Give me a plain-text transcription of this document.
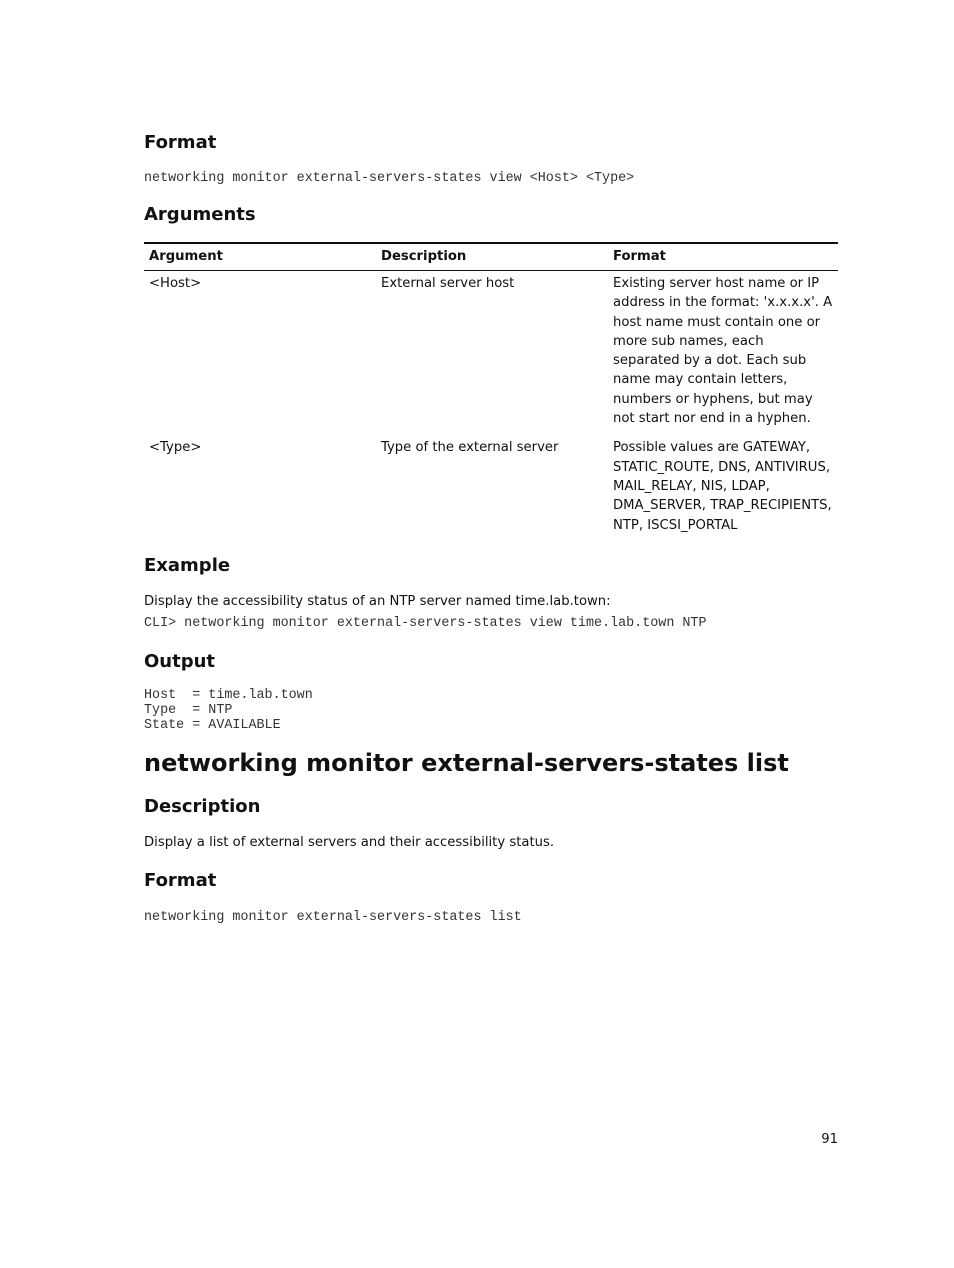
Format
networking monitor external-servers-states view <Host> <Type>
Arguments
Argument	Description	Format
<Host>	External server host	Existing server host name or IP address in the format: 'x.x.x.x'. A host name must contain one or more sub names, each separated by a dot. Each sub name may contain letters, numbers or hyphens, but may not start nor end in a hyphen.
<Type>	Type of the external server	Possible values are GATEWAY, STATIC_ROUTE, DNS, ANTIVIRUS, MAIL_RELAY, NIS, LDAP, DMA_SERVER, TRAP_RECIPIENTS, NTP, ISCSI_PORTAL
Example

Display the accessibility status of an NTP server named time.lab.town:

CLI> networking monitor external-servers-states view time.lab.town NTP
Output
Host  = time.lab.town
Type  = NTP
State = AVAILABLE
networking monitor external-servers-states list
Description

Display a list of external servers and their accessibility status.

Format
networking monitor external-servers-states list
91
